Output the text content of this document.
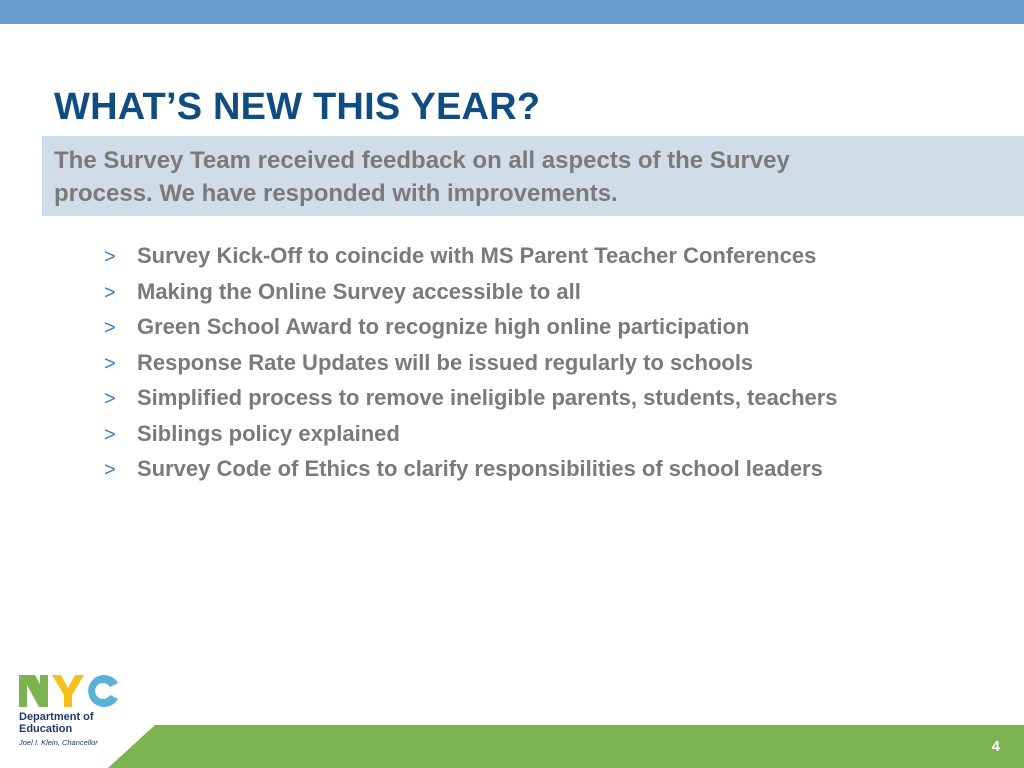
WHAT’S NEW THIS YEAR?
The Survey Team received feedback on all aspects of the Survey
process. We have responded with improvements.
> Survey Kick-Off to coincide with MS Parent Teacher Conferences
> Making the Online Survey accessible to all
> Green School Award to recognize high online participation
> Response Rate Updates will be issued regularly to schools
> Simplified process to remove ineligible parents, students, teachers
> Siblings policy explained
> Survey Code of Ethics to clarify responsibilities of school leaders
4
Department of
Education
Joel I. Klein, Chancellor
